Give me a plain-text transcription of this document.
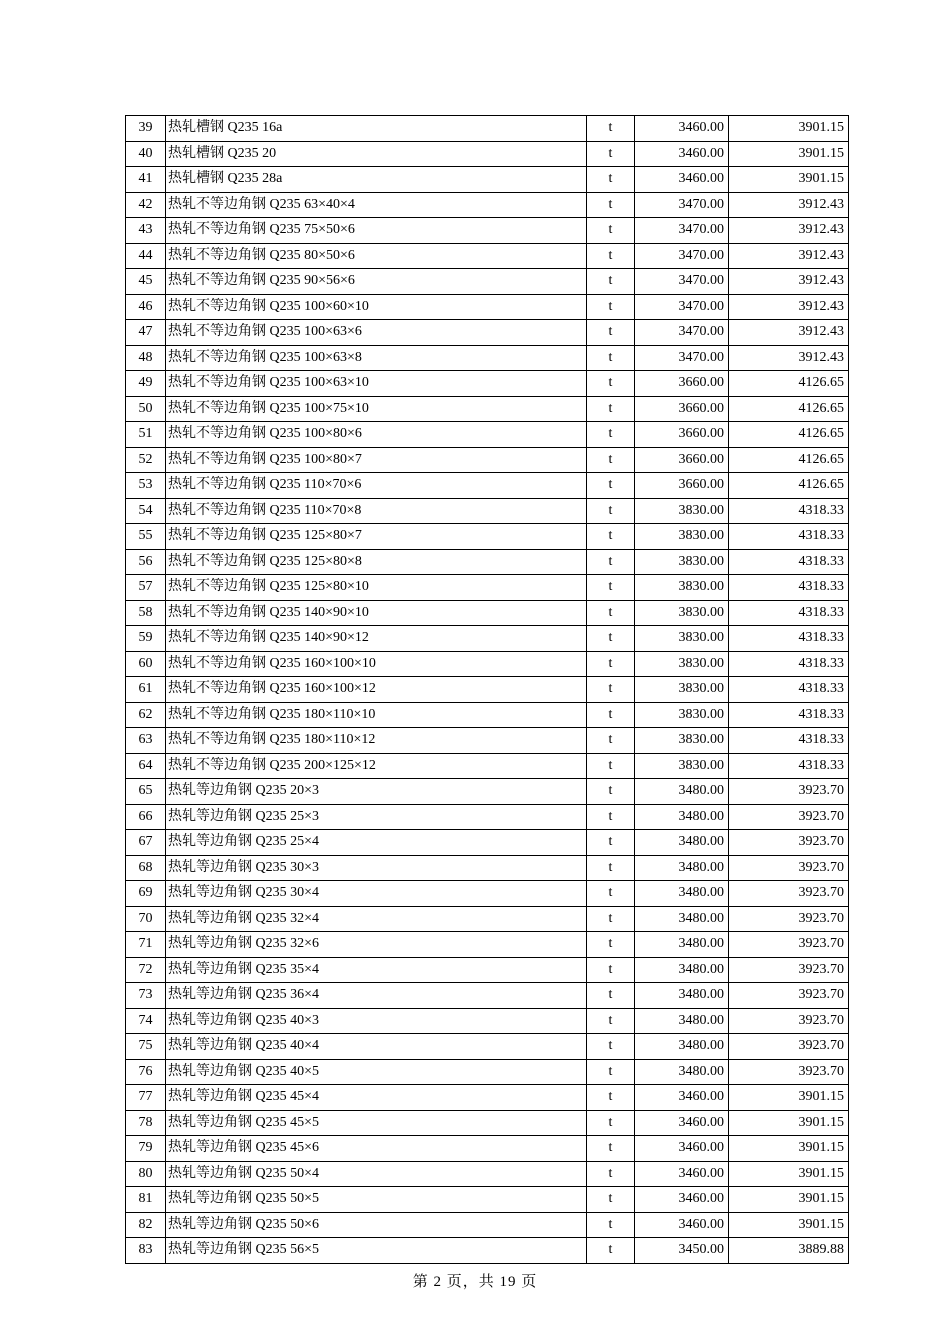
39	热轧槽钢 Q235 16a	t	3460.00	3901.15
40	热轧槽钢 Q235 20	t	3460.00	3901.15
41	热轧槽钢 Q235 28a	t	3460.00	3901.15
42	热轧不等边角钢 Q235 63×40×4	t	3470.00	3912.43
43	热轧不等边角钢 Q235 75×50×6	t	3470.00	3912.43
44	热轧不等边角钢 Q235 80×50×6	t	3470.00	3912.43
45	热轧不等边角钢 Q235 90×56×6	t	3470.00	3912.43
46	热轧不等边角钢 Q235 100×60×10	t	3470.00	3912.43
47	热轧不等边角钢 Q235 100×63×6	t	3470.00	3912.43
48	热轧不等边角钢 Q235 100×63×8	t	3470.00	3912.43
49	热轧不等边角钢 Q235 100×63×10	t	3660.00	4126.65
50	热轧不等边角钢 Q235 100×75×10	t	3660.00	4126.65
51	热轧不等边角钢 Q235 100×80×6	t	3660.00	4126.65
52	热轧不等边角钢 Q235 100×80×7	t	3660.00	4126.65
53	热轧不等边角钢 Q235 110×70×6	t	3660.00	4126.65
54	热轧不等边角钢 Q235 110×70×8	t	3830.00	4318.33
55	热轧不等边角钢 Q235 125×80×7	t	3830.00	4318.33
56	热轧不等边角钢 Q235 125×80×8	t	3830.00	4318.33
57	热轧不等边角钢 Q235 125×80×10	t	3830.00	4318.33
58	热轧不等边角钢 Q235 140×90×10	t	3830.00	4318.33
59	热轧不等边角钢 Q235 140×90×12	t	3830.00	4318.33
60	热轧不等边角钢 Q235 160×100×10	t	3830.00	4318.33
61	热轧不等边角钢 Q235 160×100×12	t	3830.00	4318.33
62	热轧不等边角钢 Q235 180×110×10	t	3830.00	4318.33
63	热轧不等边角钢 Q235 180×110×12	t	3830.00	4318.33
64	热轧不等边角钢 Q235 200×125×12	t	3830.00	4318.33
65	热轧等边角钢 Q235 20×3	t	3480.00	3923.70
66	热轧等边角钢 Q235 25×3	t	3480.00	3923.70
67	热轧等边角钢 Q235 25×4	t	3480.00	3923.70
68	热轧等边角钢 Q235 30×3	t	3480.00	3923.70
69	热轧等边角钢 Q235 30×4	t	3480.00	3923.70
70	热轧等边角钢 Q235 32×4	t	3480.00	3923.70
71	热轧等边角钢 Q235 32×6	t	3480.00	3923.70
72	热轧等边角钢 Q235 35×4	t	3480.00	3923.70
73	热轧等边角钢 Q235 36×4	t	3480.00	3923.70
74	热轧等边角钢 Q235 40×3	t	3480.00	3923.70
75	热轧等边角钢 Q235 40×4	t	3480.00	3923.70
76	热轧等边角钢 Q235 40×5	t	3480.00	3923.70
77	热轧等边角钢 Q235 45×4	t	3460.00	3901.15
78	热轧等边角钢 Q235 45×5	t	3460.00	3901.15
79	热轧等边角钢 Q235 45×6	t	3460.00	3901.15
80	热轧等边角钢 Q235 50×4	t	3460.00	3901.15
81	热轧等边角钢 Q235 50×5	t	3460.00	3901.15
82	热轧等边角钢 Q235 50×6	t	3460.00	3901.15
83	热轧等边角钢 Q235 56×5	t	3450.00	3889.88
第 2 页，共 19 页
